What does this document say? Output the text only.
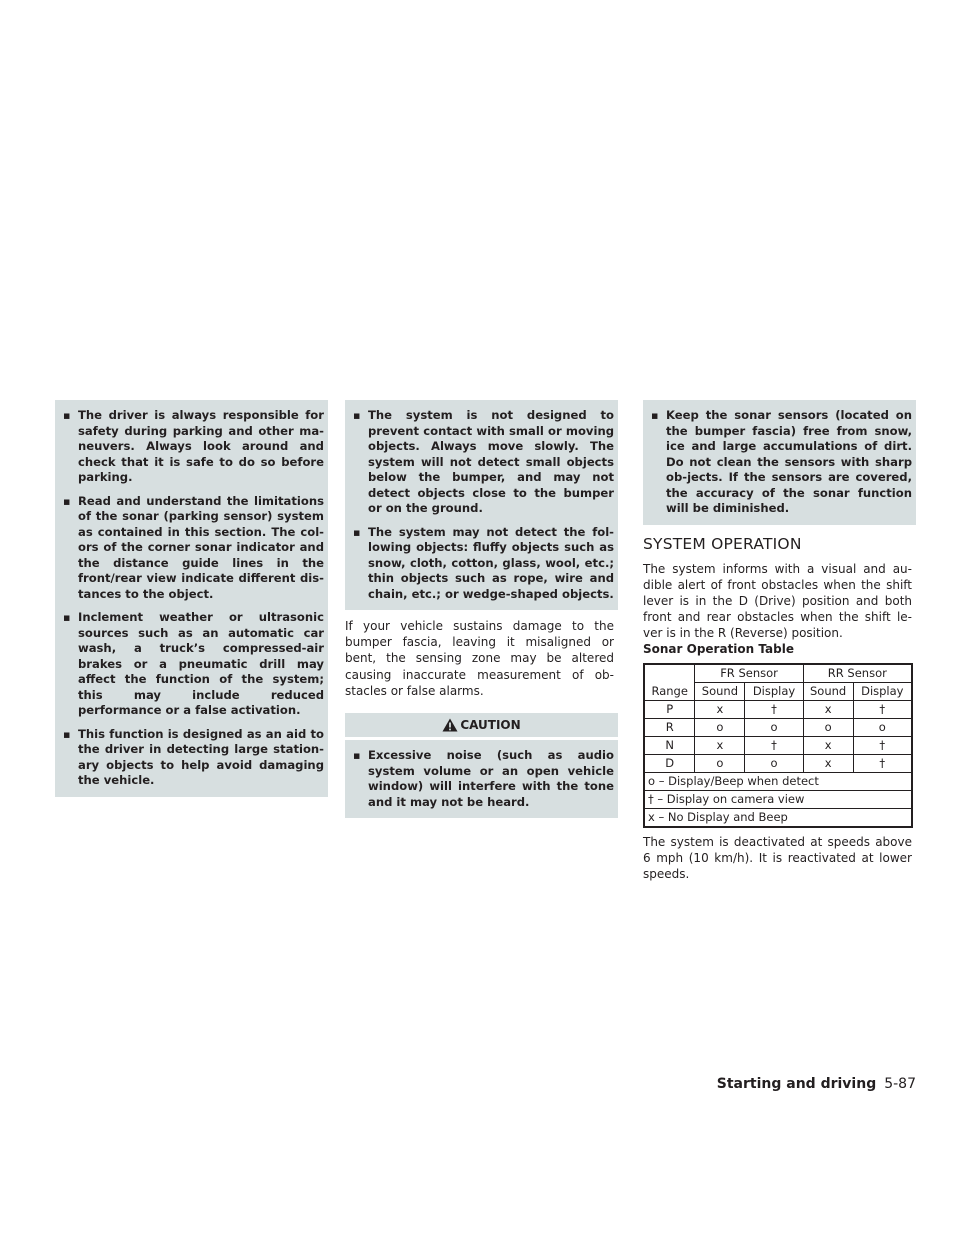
▪ The driver is always responsible for safety during parking and other ma-neuvers. Always look around and check that it is safe to do so before parking.
▪ Read and understand the limitations of the sonar (parking sensor) system as contained in this section. The col-ors of the corner sonar indicator and the distance guide lines in the front/rear view indicate different dis-tances to the object.
▪ Inclement weather or ultrasonic sources such as an automatic car wash, a truck’s compressed-air brakes or a pneumatic drill may affect the function of the system; this may include reduced performance or a false activation.
▪ This function is designed as an aid to the driver in detecting large station-ary objects to help avoid damaging the vehicle.
▪ The system is not designed to prevent contact with small or moving objects. Always move slowly. The system will not detect small objects below the bumper, and may not detect objects close to the bumper or on the ground.
▪ The system may not detect the fol-lowing objects: fluffy objects such as snow, cloth, cotton, glass, wool, etc.; thin objects such as rope, wire and chain, etc.; or wedge-shaped objects.

If your vehicle sustains damage to the bumper fascia, leaving it misaligned or bent, the sensing zone may be altered causing inaccurate measurement of ob-stacles or false alarms.

CAUTION
▪ Excessive noise (such as audio system volume or an open vehicle window) will interfere with the tone and it may not be heard.
▪ Keep the sonar sensors (located on the bumper fascia) free from snow, ice and large accumulations of dirt. Do not clean the sensors with sharp ob-jects. If the sensors are covered, the accuracy of the sonar function will be diminished.
SYSTEM OPERATION

The system informs with a visual and au-dible alert of front obstacles when the shift lever is in the D (Drive) position and both front and rear obstacles when the shift le-ver is in the R (Reverse) position.

Sonar Operation Table
	FR Sensor		RR Sensor	
Range	Sound	Display	Sound	Display
P	x	†	x	†
R	o	o	o	o
N	x	†	x	†
D	o	o	x	†
o – Display/Beep when detect				
† – Display on camera view				
x – No Display and Beep				

The system is deactivated at speeds above 6 mph (10 km/h). It is reactivated at lower speeds.

Starting and driving 5-87
